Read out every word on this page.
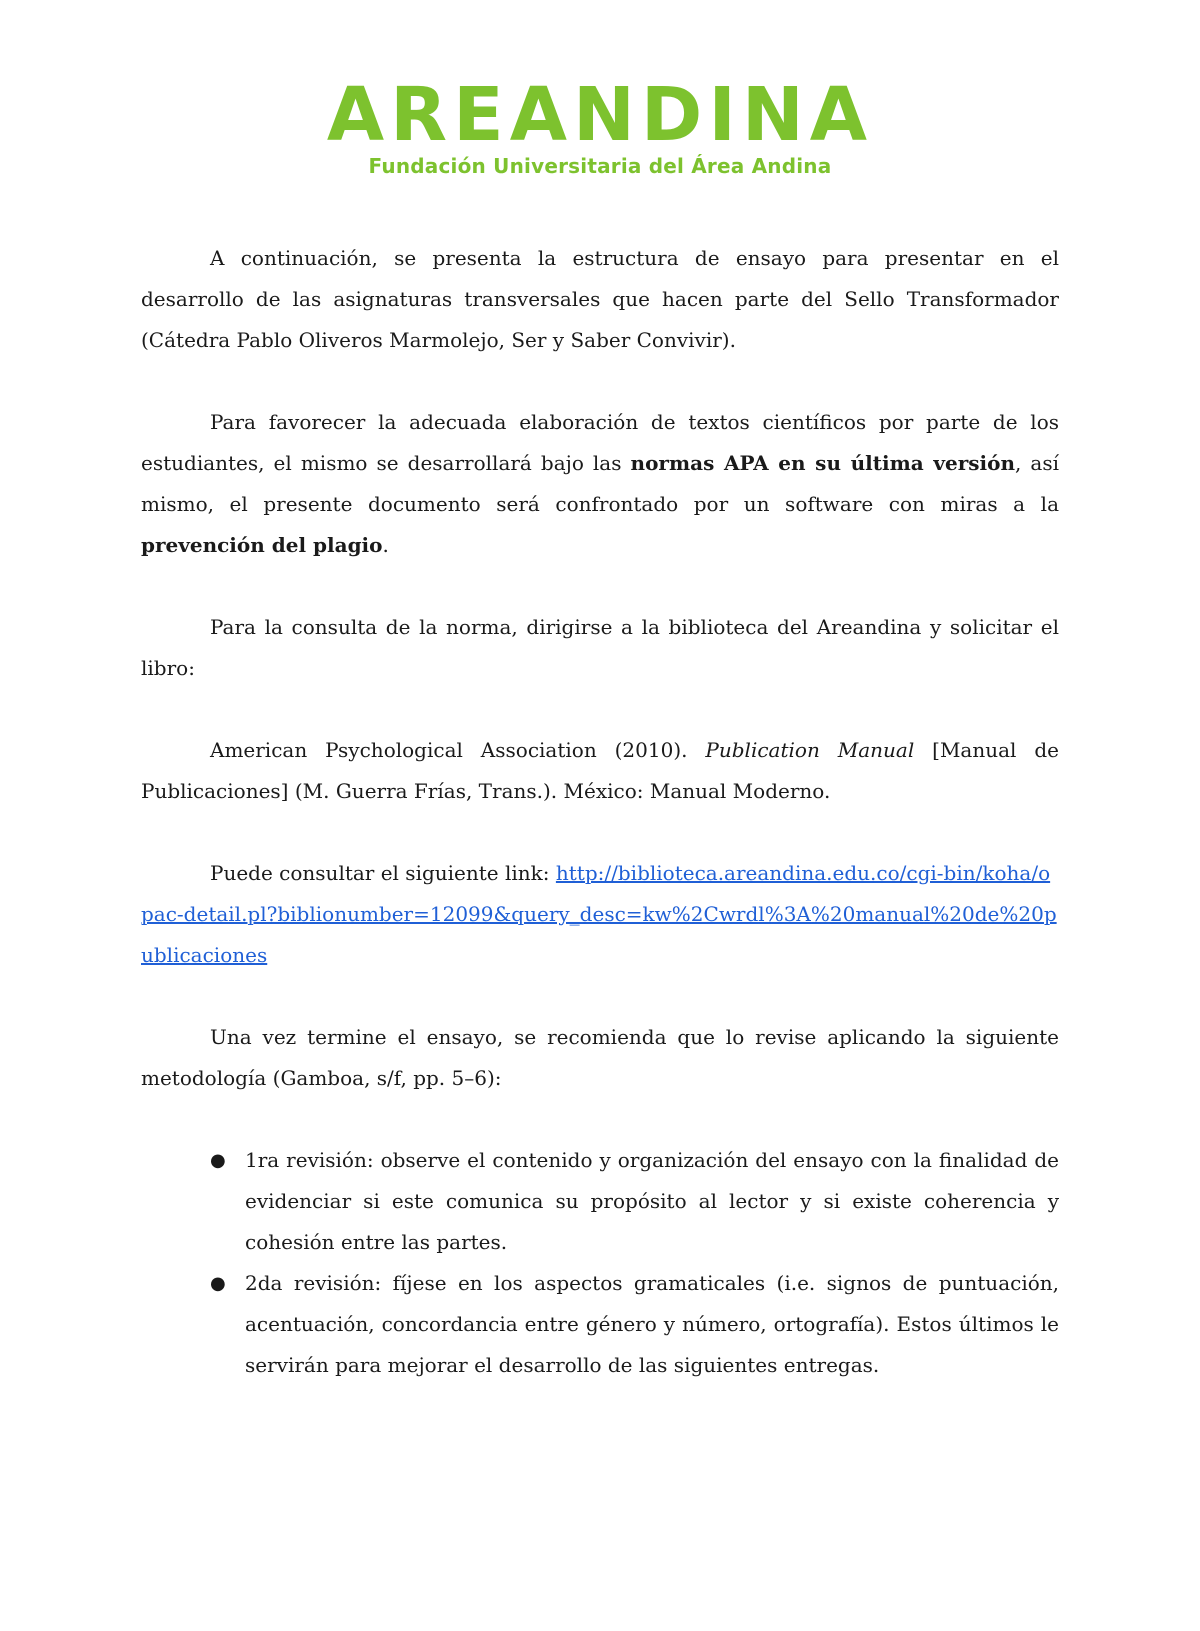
AREANDINA
Fundación Universitaria del Área Andina

A continuación, se presenta la estructura de ensayo para presentar en el desarrollo de las asignaturas transversales que hacen parte del Sello Transformador (Cátedra Pablo Oliveros Marmolejo, Ser y Saber Convivir).

Para favorecer la adecuada elaboración de textos científicos por parte de los estudiantes, el mismo se desarrollará bajo las normas APA en su última versión, así mismo, el presente documento será confrontado por un software con miras a la prevención del plagio.

Para la consulta de la norma, dirigirse a la biblioteca del Areandina y solicitar el libro:

American Psychological Association (2010). Publication Manual [Manual de Publicaciones] (M. Guerra Frías, Trans.). México: Manual Moderno.

Puede consultar el siguiente link: http://biblioteca.areandina.edu.co/cgi-bin/koha/opac-detail.pl?biblionumber=12099&query_desc=kw%2Cwrdl%3A%20manual%20de%20publicaciones

Una vez termine el ensayo, se recomienda que lo revise aplicando la siguiente metodología (Gamboa, s/f, pp. 5–6):

● 1ra revisión: observe el contenido y organización del ensayo con la finalidad de evidenciar si este comunica su propósito al lector y si existe coherencia y cohesión entre las partes.
● 2da revisión: fíjese en los aspectos gramaticales (i.e. signos de puntuación, acentuación, concordancia entre género y número, ortografía). Estos últimos le servirán para mejorar el desarrollo de las siguientes entregas.
